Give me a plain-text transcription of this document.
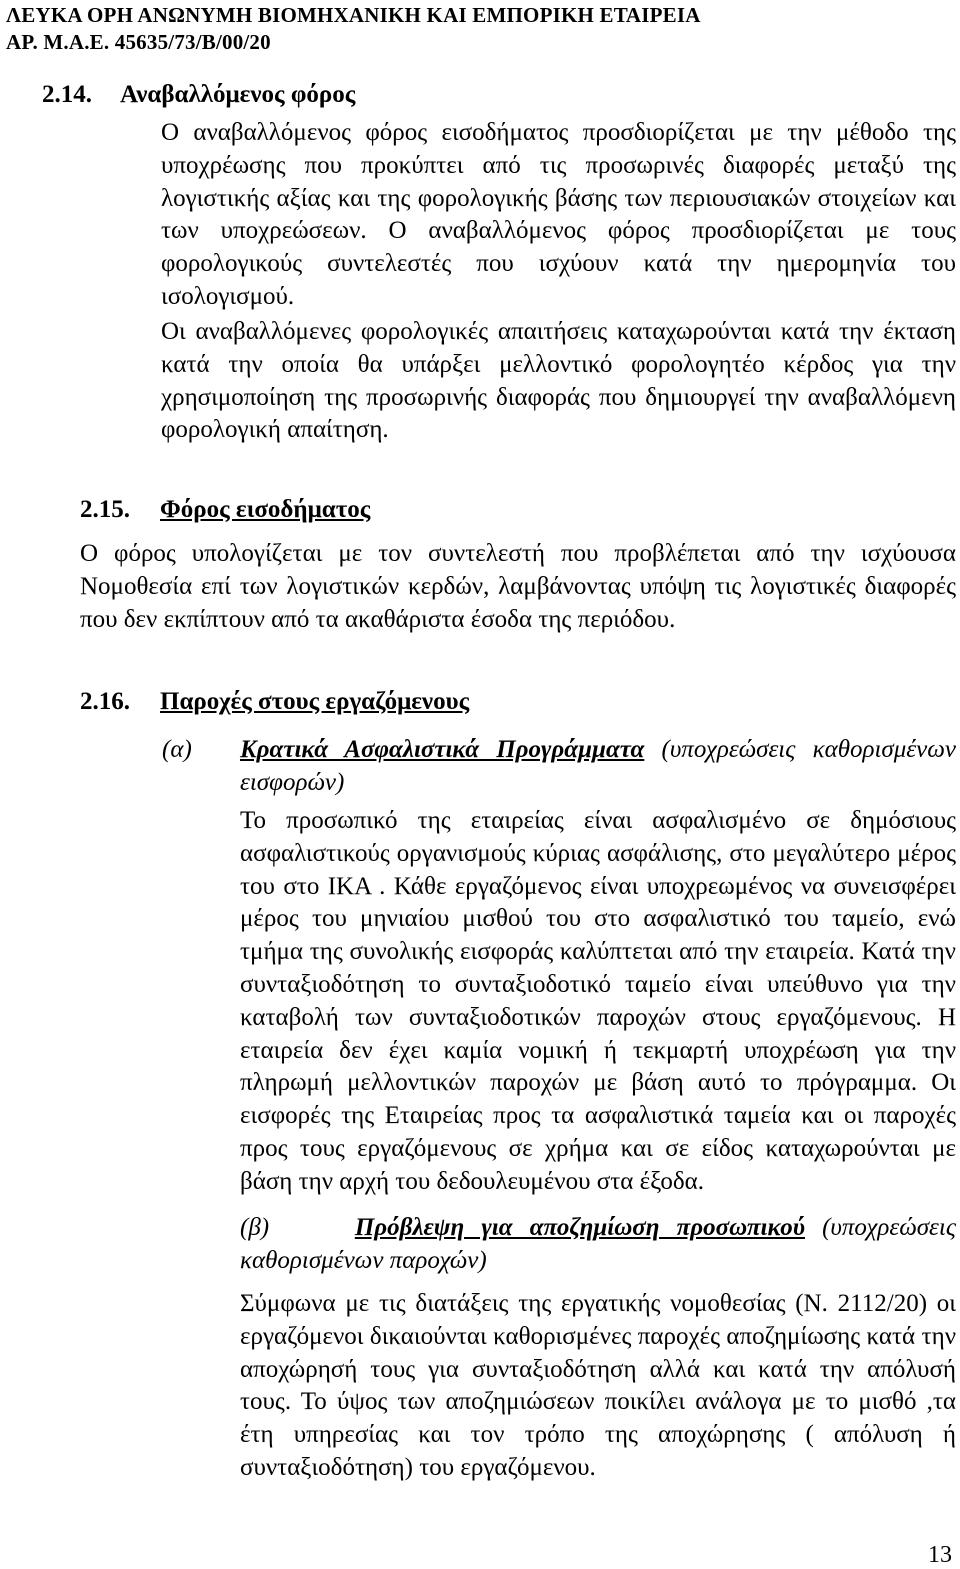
ΛΕΥΚΑ ΟΡΗ ΑΝΩΝΥΜΗ ΒΙΟΜΗΧΑΝΙΚΗ ΚΑΙ ΕΜΠΟΡΙΚΗ ΕΤΑΙΡΕΙΑ
ΑΡ. Μ.Α.Ε. 45635/73/Β/00/20
2.14. Αναβαλλόμενος φόρος
Ο αναβαλλόμενος φόρος εισοδήματος προσδιορίζεται με την μέθοδο της υποχρέωσης που προκύπτει από τις προσωρινές διαφορές μεταξύ της λογιστικής αξίας και της φορολογικής βάσης των περιουσιακών στοιχείων και των υποχρεώσεων. Ο αναβαλλόμενος φόρος προσδιορίζεται με τους φορολογικούς συντελεστές που ισχύουν κατά την ημερομηνία του ισολογισμού.
Οι αναβαλλόμενες φορολογικές απαιτήσεις καταχωρούνται κατά την έκταση κατά την οποία θα υπάρξει μελλοντικό φορολογητέο κέρδος για την χρησιμοποίηση της προσωρινής διαφοράς που δημιουργεί την αναβαλλόμενη φορολογική απαίτηση.
2.15. Φόρος εισοδήματος
Ο φόρος υπολογίζεται με τον συντελεστή που προβλέπεται από την ισχύουσα Νομοθεσία επί των λογιστικών κερδών, λαμβάνοντας υπόψη τις λογιστικές διαφορές που δεν εκπίπτουν από τα ακαθάριστα έσοδα της περιόδου.
2.16. Παροχές στους εργαζόμενους
(α) Κρατικά Ασφαλιστικά Προγράμματα (υποχρεώσεις καθορισμένων εισφορών)
Το προσωπικό της εταιρείας είναι ασφαλισμένο σε δημόσιους ασφαλιστικούς οργανισμούς κύριας ασφάλισης, στο μεγαλύτερο μέρος του στο ΙΚΑ . Κάθε εργαζόμενος είναι υποχρεωμένος να συνεισφέρει μέρος του μηνιαίου μισθού του στο ασφαλιστικό του ταμείο, ενώ τμήμα της συνολικής εισφοράς καλύπτεται από την εταιρεία. Κατά την συνταξιοδότηση το συνταξιοδοτικό ταμείο είναι υπεύθυνο για την καταβολή των συνταξιοδοτικών παροχών στους εργαζόμενους. Η εταιρεία δεν έχει καμία νομική ή τεκμαρτή υποχρέωση για την πληρωμή μελλοντικών παροχών με βάση αυτό το πρόγραμμα. Οι εισφορές της Εταιρείας προς τα ασφαλιστικά ταμεία και οι παροχές προς τους εργαζόμενους σε χρήμα και σε είδος καταχωρούνται με βάση την αρχή του δεδουλευμένου στα έξοδα.
(β)	Πρόβλεψη για αποζημίωση προσωπικού (υποχρεώσεις καθορισμένων παροχών)
Σύμφωνα με τις διατάξεις της εργατικής νομοθεσίας (Ν. 2112/20) οι εργαζόμενοι δικαιούνται καθορισμένες παροχές αποζημίωσης κατά την αποχώρησή τους για συνταξιοδότηση αλλά και κατά την απόλυσή τους. Το ύψος των αποζημιώσεων ποικίλει ανάλογα με το μισθό ,τα έτη υπηρεσίας και τον τρόπο της αποχώρησης ( απόλυση ή συνταξιοδότηση) του εργαζόμενου.
13
